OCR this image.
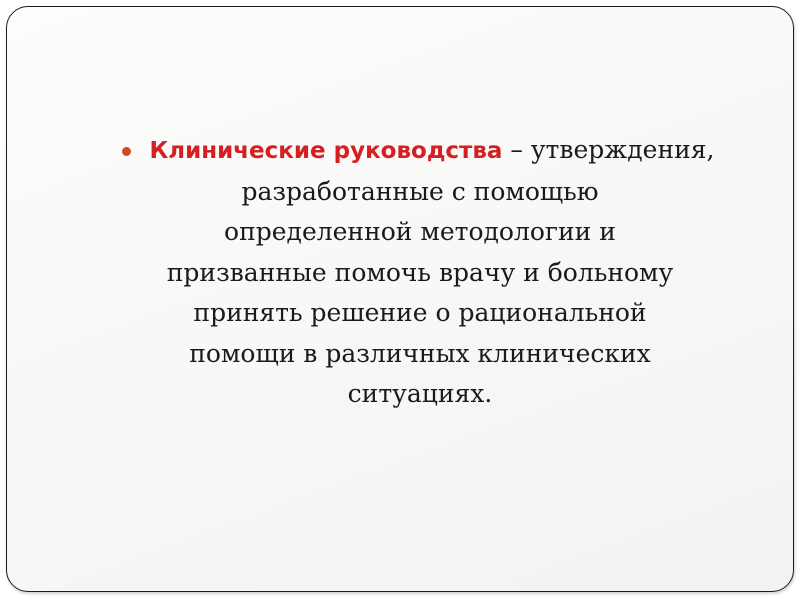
Клинические руководства – утверждения,
разработанные с помощью
определенной методологии и
призванные помочь врачу и больному
принять решение о рациональной
помощи в различных клинических
ситуациях.
